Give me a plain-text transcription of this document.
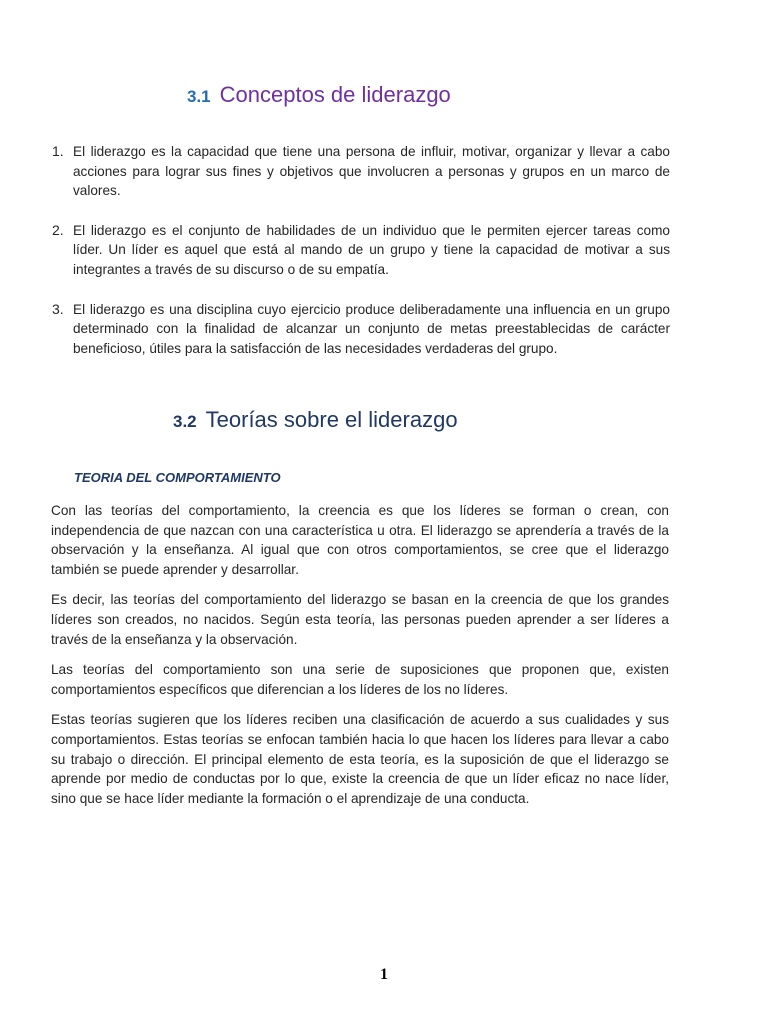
3.1 Conceptos de liderazgo
1. El liderazgo es la capacidad que tiene una persona de influir, motivar, organizar y llevar a cabo acciones para lograr sus fines y objetivos que involucren a personas y grupos en un marco de valores.
2. El liderazgo es el conjunto de habilidades de un individuo que le permiten ejercer tareas como líder. Un líder es aquel que está al mando de un grupo y tiene la capacidad de motivar a sus integrantes a través de su discurso o de su empatía.
3. El liderazgo es una disciplina cuyo ejercicio produce deliberadamente una influencia en un grupo determinado con la finalidad de alcanzar un conjunto de metas preestablecidas de carácter beneficioso, útiles para la satisfacción de las necesidades verdaderas del grupo.
3.2 Teorías sobre el liderazgo
TEORIA DEL COMPORTAMIENTO

Con las teorías del comportamiento, la creencia es que los líderes se forman o crean, con independencia de que nazcan con una característica u otra. El liderazgo se aprendería a través de la observación y la enseñanza. Al igual que con otros comportamientos, se cree que el liderazgo también se puede aprender y desarrollar.

Es decir, las teorías del comportamiento del liderazgo se basan en la creencia de que los grandes líderes son creados, no nacidos. Según esta teoría, las personas pueden aprender a ser líderes a través de la enseñanza y la observación.

Las teorías del comportamiento son una serie de suposiciones que proponen que, existen comportamientos específicos que diferencian a los líderes de los no líderes.

Estas teorías sugieren que los líderes reciben una clasificación de acuerdo a sus cualidades y sus comportamientos. Estas teorías se enfocan también hacia lo que hacen los líderes para llevar a cabo su trabajo o dirección. El principal elemento de esta teoría, es la suposición de que el liderazgo se aprende por medio de conductas por lo que, existe la creencia de que un líder eficaz no nace líder, sino que se hace líder mediante la formación o el aprendizaje de una conducta.

1
